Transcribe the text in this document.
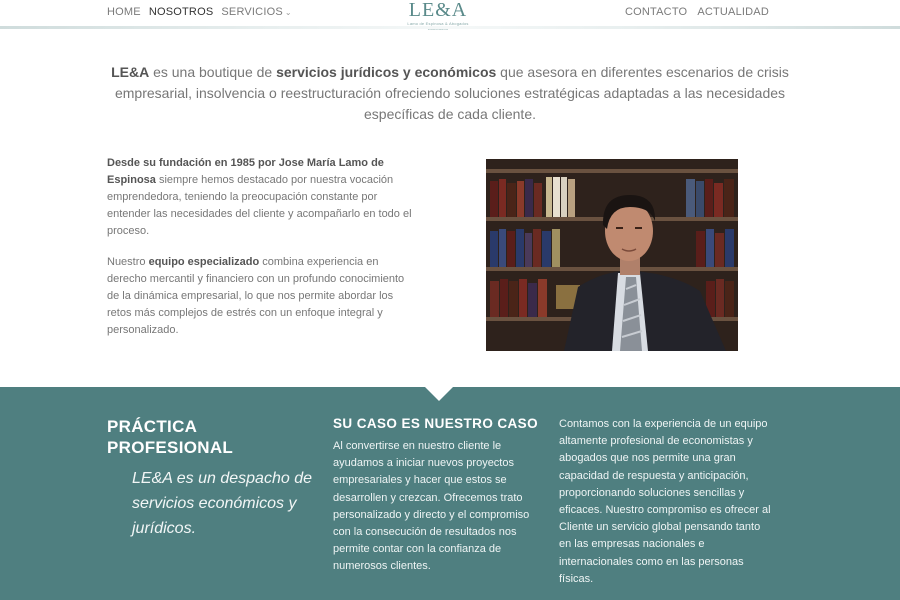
HOME NOSOTROS SERVICIOS ⌄	LE&A
Lamo de Espinosa & Abogados
CONTACTO ACTUALIDAD
LE&A es una boutique de servicios jurídicos y económicos que asesora en diferentes escenarios de crisis empresarial, insolvencia o reestructuración ofreciendo soluciones estratégicas adaptadas a las necesidades específicas de cada cliente.

Desde su fundación en 1985 por Jose María Lamo de Espinosa siempre hemos destacado por nuestra vocación emprendedora, teniendo la preocupación constante por entender las necesidades del cliente y acompañarlo en todo el proceso.

Nuestro equipo especializado combina experiencia en derecho mercantil y financiero con un profundo conocimiento de la dinámica empresarial, lo que nos permite abordar los retos más complejos de estrés con un enfoque integral y personalizado.

PRÁCTICA PROFESIONAL
LE&A es un despacho de servicios económicos y jurídicos.
SU CASO ES NUESTRO CASO

Al convertirse en nuestro cliente le ayudamos a iniciar nuevos proyectos empresariales y hacer que estos se desarrollen y crezcan. Ofrecemos trato personalizado y directo y el compromiso con la consecución de resultados nos permite contar con la confianza de numerosos clientes.

Contamos con la experiencia de un equipo altamente profesional de economistas y abogados que nos permite una gran capacidad de respuesta y anticipación, proporcionando soluciones sencillas y eficaces. Nuestro compromiso es ofrecer al Cliente un servicio global pensando tanto en las empresas nacionales e internacionales como en las personas físicas.
